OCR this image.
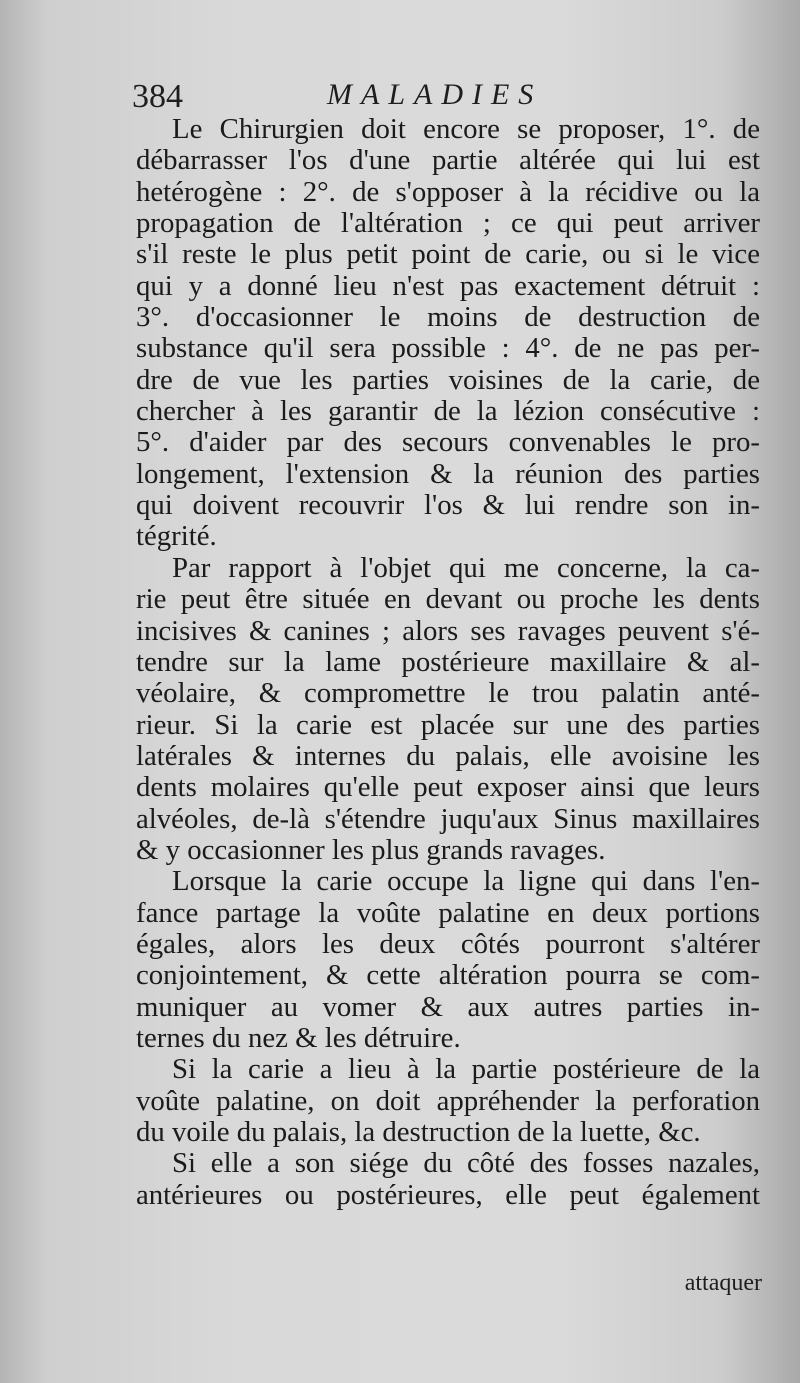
384	MALADIES
Le Chirurgien doit encore se proposer, 1°. de
débarrasser l'os d'une partie altérée qui lui est
hetérogène : 2°. de s'opposer à la récidive ou la
propagation de l'altération ; ce qui peut arriver
s'il reste le plus petit point de carie, ou si le vice
qui y a donné lieu n'est pas exactement détruit :
3°. d'occasionner le moins de destruction de
substance qu'il sera possible : 4°. de ne pas per-
dre de vue les parties voisines de la carie, de
chercher à les garantir de la lézion consécutive :
5°. d'aider par des secours convenables le pro-
longement, l'extension & la réunion des parties
qui doivent recouvrir l'os & lui rendre son in-
tégrité.
Par rapport à l'objet qui me concerne, la ca-
rie peut être située en devant ou proche les dents
incisives & canines ; alors ses ravages peuvent s'é-
tendre sur la lame postérieure maxillaire & al-
véolaire, & compromettre le trou palatin anté-
rieur. Si la carie est placée sur une des parties
latérales & internes du palais, elle avoisine les
dents molaires qu'elle peut exposer ainsi que leurs
alvéoles, de-là s'étendre juqu'aux Sinus maxillaires
& y occasionner les plus grands ravages.
Lorsque la carie occupe la ligne qui dans l'en-
fance partage la voûte palatine en deux portions
égales, alors les deux côtés pourront s'altérer
conjointement, & cette altération pourra se com-
muniquer au vomer & aux autres parties in-
ternes du nez & les détruire.
Si la carie a lieu à la partie postérieure de la
voûte palatine, on doit appréhender la perforation
du voile du palais, la destruction de la luette, &c.
Si elle a son siége du côté des fosses nazales,
antérieures ou postérieures, elle peut également
attaquer
